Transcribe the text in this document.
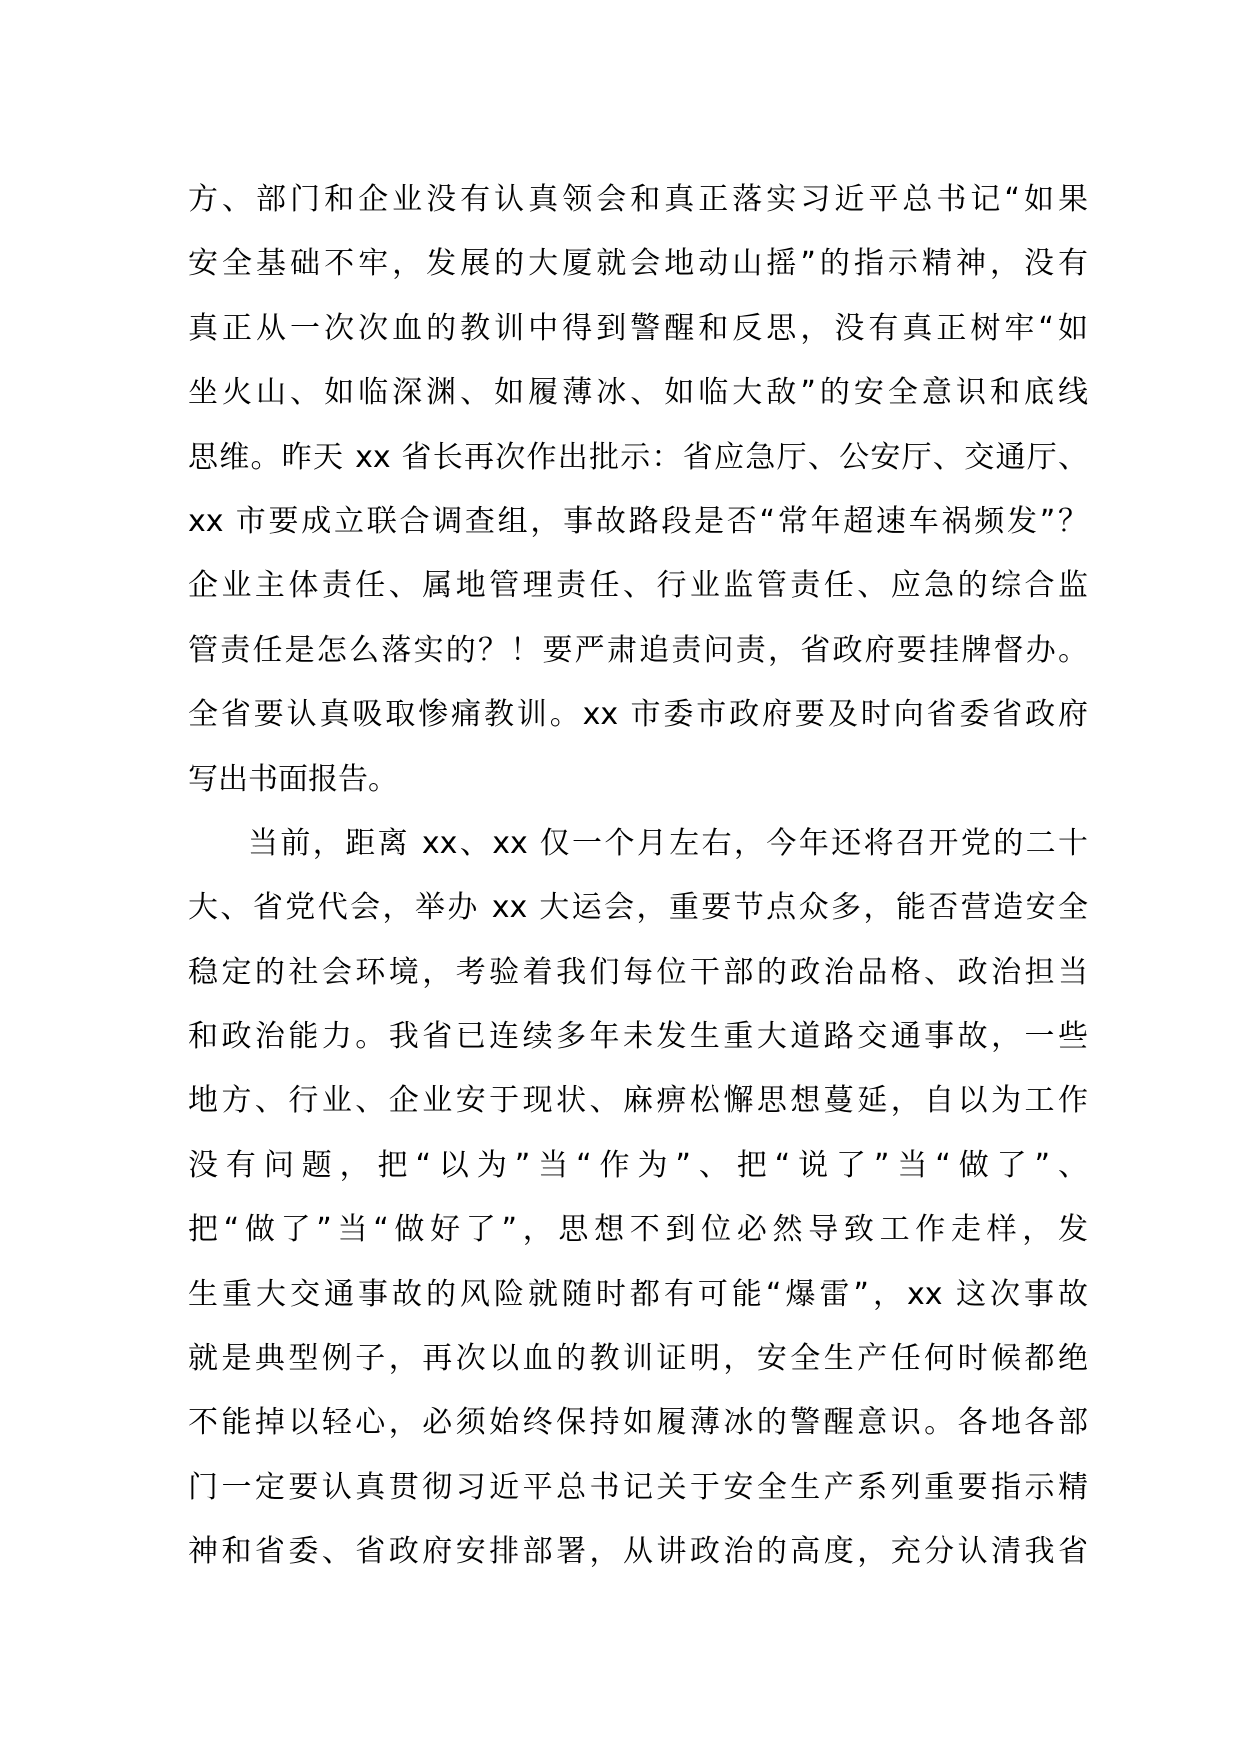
方、部门和企业没有认真领会和真正落实习近平总书记“如果
安全基础不牢，发展的大厦就会地动山摇”的指示精神，没有
真正从一次次血的教训中得到警醒和反思，没有真正树牢“如
坐火山、如临深渊、如履薄冰、如临大敌”的安全意识和底线
思维。昨天 xx 省长再次作出批示：省应急厅、公安厅、交通厅、
xx 市要成立联合调查组，事故路段是否“常年超速车祸频发”？
企业主体责任、属地管理责任、行业监管责任、应急的综合监
管责任是怎么落实的？！要严肃追责问责，省政府要挂牌督办。
全省要认真吸取惨痛教训。xx 市委市政府要及时向省委省政府
写出书面报告。
当前，距离 xx、xx 仅一个月左右，今年还将召开党的二十
大、省党代会，举办 xx 大运会，重要节点众多，能否营造安全
稳定的社会环境，考验着我们每位干部的政治品格、政治担当
和政治能力。我省已连续多年未发生重大道路交通事故，一些
地方、行业、企业安于现状、麻痹松懈思想蔓延，自以为工作
没有问题，把“以为”当“作为”、把“说了”当“做了”、
把“做了”当“做好了”，思想不到位必然导致工作走样，发
生重大交通事故的风险就随时都有可能“爆雷”，xx 这次事故
就是典型例子，再次以血的教训证明，安全生产任何时候都绝
不能掉以轻心，必须始终保持如履薄冰的警醒意识。各地各部
门一定要认真贯彻习近平总书记关于安全生产系列重要指示精
神和省委、省政府安排部署，从讲政治的高度，充分认清我省
